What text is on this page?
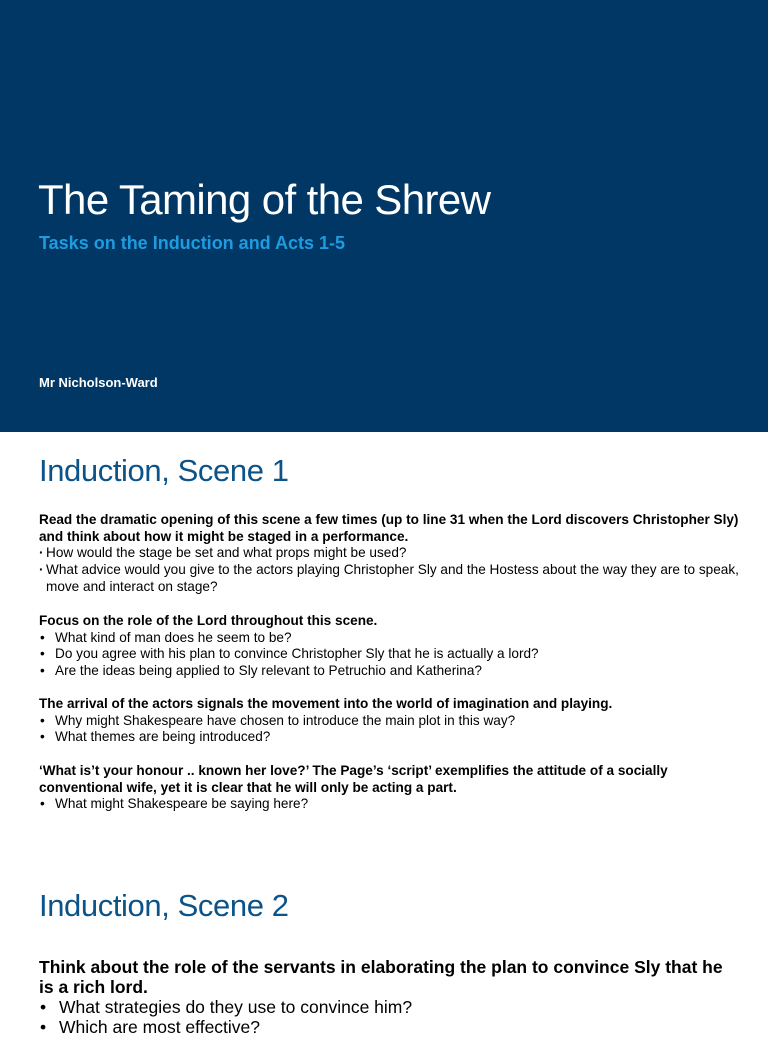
The Taming of the Shrew

Tasks on the Induction and Acts 1-5

Mr Nicholson-Ward

Induction, Scene 1

Read the dramatic opening of this scene a few times (up to line 31 when the Lord discovers Christopher Sly) and think about how it might be staged in a performance.

· How would the stage be set and what props might be used?
· What advice would you give to the actors playing Christopher Sly and the Hostess about the way they are to speak, move and interact on stage?

Focus on the role of the Lord throughout this scene.

• What kind of man does he seem to be?
• Do you agree with his plan to convince Christopher Sly that he is actually a lord?
• Are the ideas being applied to Sly relevant to Petruchio and Katherina?

The arrival of the actors signals the movement into the world of imagination and playing.

• Why might Shakespeare have chosen to introduce the main plot in this way?
• What themes are being introduced?

‘What is’t your honour .. known her love?’ The Page’s ‘script’ exemplifies the attitude of a socially conventional wife, yet it is clear that he will only be acting a part.

• What might Shakespeare be saying here?
Induction, Scene 2

Think about the role of the servants in elaborating the plan to convince Sly that he is a rich lord.

• What strategies do they use to convince him?
• Which are most effective?
